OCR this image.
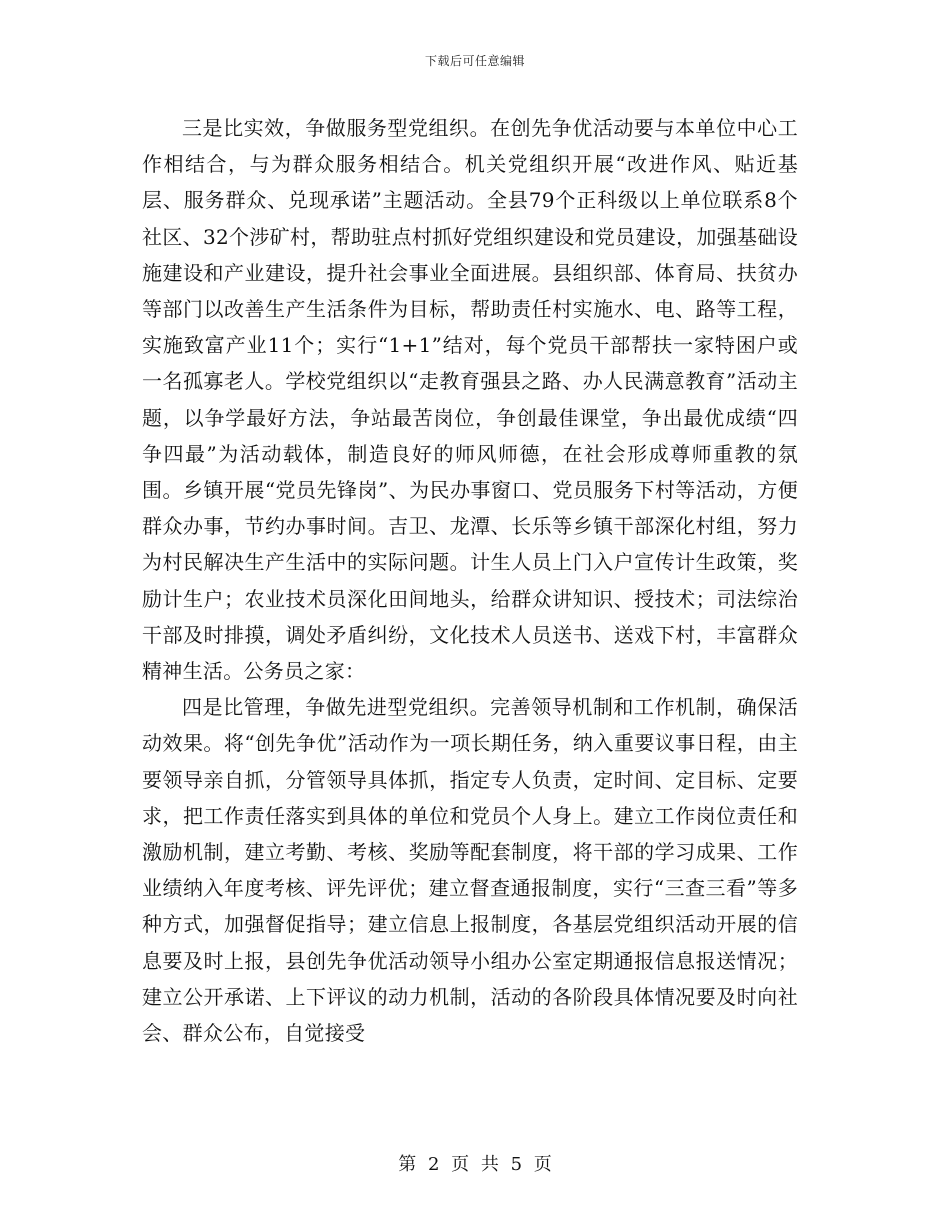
下载后可任意编辑

三是比实效，争做服务型党组织。在创先争优活动要与本单位中心工作相结合，与为群众服务相结合。机关党组织开展“改进作风、贴近基层、服务群众、兑现承诺”主题活动。全县79个正科级以上单位联系8个社区、32个涉矿村，帮助驻点村抓好党组织建设和党员建设，加强基础设施建设和产业建设，提升社会事业全面进展。县组织部、体育局、扶贫办等部门以改善生产生活条件为目标，帮助责任村实施水、电、路等工程，实施致富产业11个；实行“1+1”结对，每个党员干部帮扶一家特困户或一名孤寡老人。学校党组织以“走教育强县之路、办人民满意教育”活动主题，以争学最好方法，争站最苦岗位，争创最佳课堂，争出最优成绩“四争四最”为活动载体，制造良好的师风师德，在社会形成尊师重教的氛围。乡镇开展“党员先锋岗”、为民办事窗口、党员服务下村等活动，方便群众办事，节约办事时间。吉卫、龙潭、长乐等乡镇干部深化村组，努力为村民解决生产生活中的实际问题。计生人员上门入户宣传计生政策，奖励计生户；农业技术员深化田间地头，给群众讲知识、授技术；司法综治干部及时排摸，调处矛盾纠纷，文化技术人员送书、送戏下村，丰富群众精神生活。公务员之家：

四是比管理，争做先进型党组织。完善领导机制和工作机制，确保活动效果。将“创先争优”活动作为一项长期任务，纳入重要议事日程，由主要领导亲自抓，分管领导具体抓，指定专人负责，定时间、定目标、定要求，把工作责任落实到具体的单位和党员个人身上。建立工作岗位责任和激励机制，建立考勤、考核、奖励等配套制度，将干部的学习成果、工作业绩纳入年度考核、评先评优；建立督查通报制度，实行“三查三看”等多种方式，加强督促指导；建立信息上报制度，各基层党组织活动开展的信息要及时上报，县创先争优活动领导小组办公室定期通报信息报送情况；建立公开承诺、上下评议的动力机制，活动的各阶段具体情况要及时向社会、群众公布，自觉接受

第 2 页 共 5 页
